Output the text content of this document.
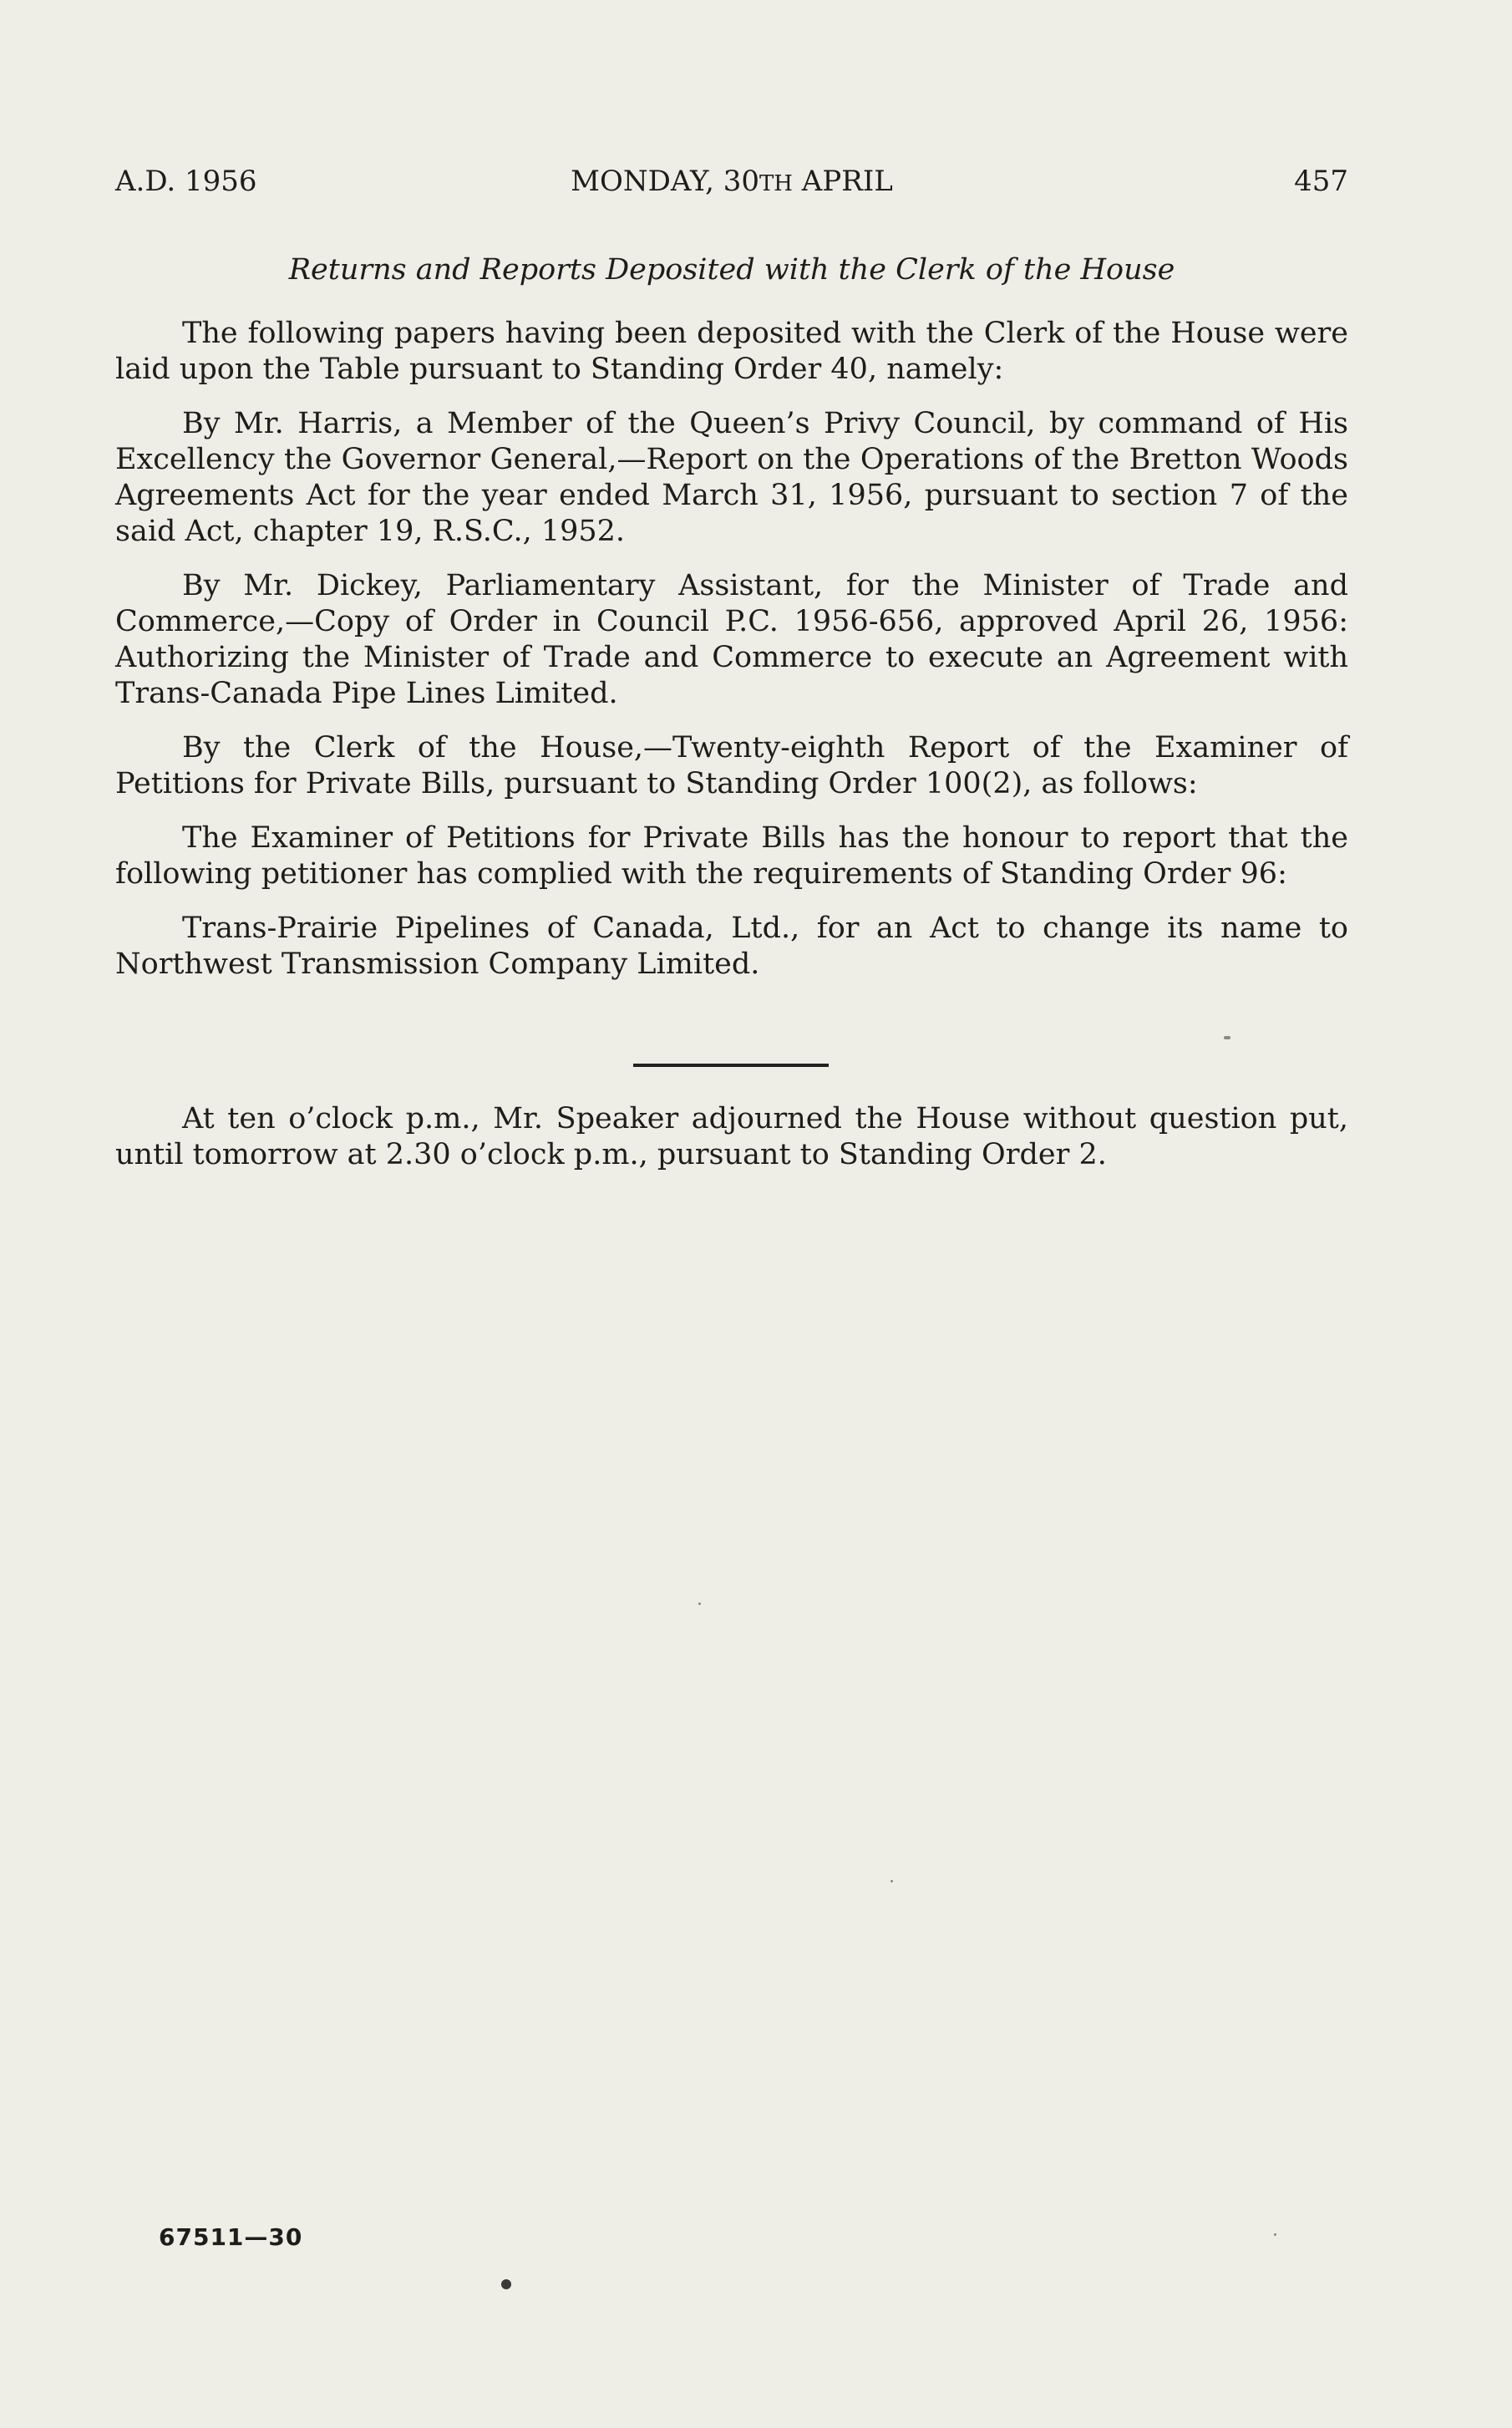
A.D. 1956	MONDAY, 30TH APRIL	457
Returns and Reports Deposited with the Clerk of the House

The following papers having been deposited with the Clerk of the House were laid upon the Table pursuant to Standing Order 40, namely:

By Mr. Harris, a Member of the Queen’s Privy Council, by command of His Excellency the Governor General,—Report on the Operations of the Bretton Woods Agreements Act for the year ended March 31, 1956, pursuant to section 7 of the said Act, chapter 19, R.S.C., 1952.

By Mr. Dickey, Parliamentary Assistant, for the Minister of Trade and Commerce,—Copy of Order in Council P.C. 1956-656, approved April 26, 1956: Authorizing the Minister of Trade and Commerce to execute an Agreement with Trans-Canada Pipe Lines Limited.

By the Clerk of the House,—Twenty-eighth Report of the Examiner of Petitions for Private Bills, pursuant to Standing Order 100(2), as follows:

The Examiner of Petitions for Private Bills has the honour to report that the following petitioner has complied with the requirements of Standing Order 96:

Trans-Prairie Pipelines of Canada, Ltd., for an Act to change its name to Northwest Transmission Company Limited.

At ten o’clock p.m., Mr. Speaker adjourned the House without question put, until tomorrow at 2.30 o’clock p.m., pursuant to Standing Order 2.

67511—30
